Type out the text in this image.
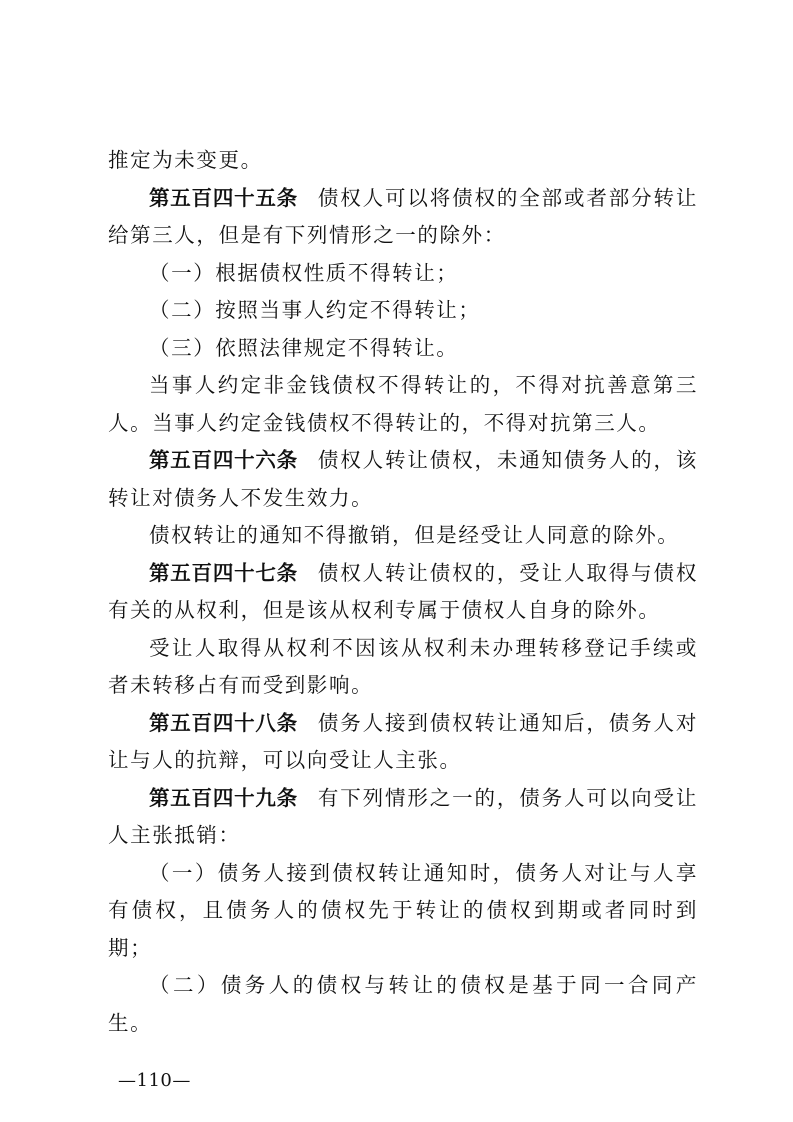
推定为未变更。

第五百四十五条 债权人可以将债权的全部或者部分转让给第三人，但是有下列情形之一的除外：

（一）根据债权性质不得转让；

（二）按照当事人约定不得转让；

（三）依照法律规定不得转让。

当事人约定非金钱债权不得转让的，不得对抗善意第三人。当事人约定金钱债权不得转让的，不得对抗第三人。

第五百四十六条 债权人转让债权，未通知债务人的，该转让对债务人不发生效力。

债权转让的通知不得撤销，但是经受让人同意的除外。

第五百四十七条 债权人转让债权的，受让人取得与债权有关的从权利，但是该从权利专属于债权人自身的除外。

受让人取得从权利不因该从权利未办理转移登记手续或者未转移占有而受到影响。

第五百四十八条 债务人接到债权转让通知后，债务人对让与人的抗辩，可以向受让人主张。

第五百四十九条 有下列情形之一的，债务人可以向受让人主张抵销：

（一）债务人接到债权转让通知时，债务人对让与人享有债权，且债务人的债权先于转让的债权到期或者同时到期；

（二）债务人的债权与转让的债权是基于同一合同产生。

—110—
